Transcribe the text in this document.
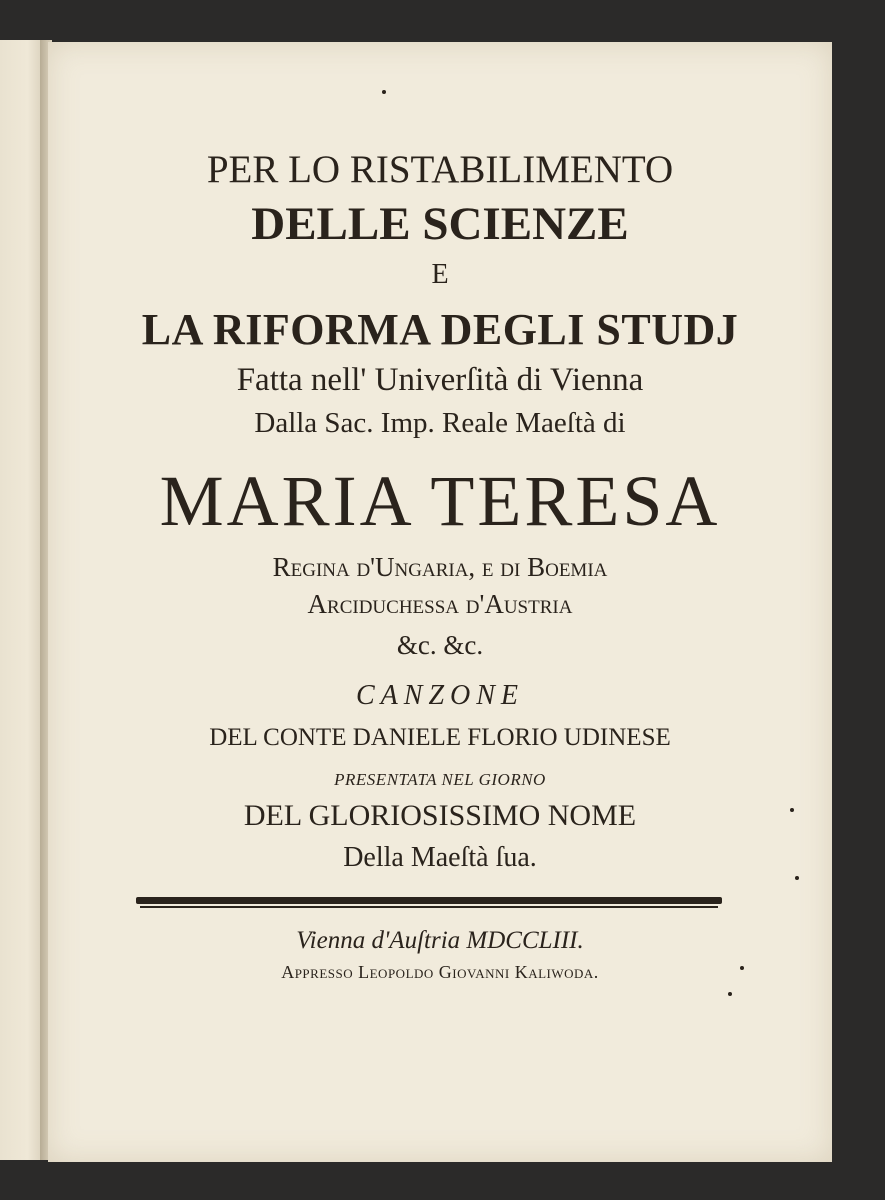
PER LO RISTABILIMENTO
DELLE SCIENZE
E
LA RIFORMA DEGLI STUDJ
Fatta nell' Univerſità di Vienna
Dalla Sac. Imp. Reale Maeſtà di
MARIA TERESA
Regina d'Ungaria, e di Boemia
Arciduchessa d'Austria
&c. &c.
CANZONE
DEL CONTE DANIELE FLORIO UDINESE
PRESENTATA NEL GIORNO
DEL GLORIOSISSIMO NOME
Della Maeſtà ſua.
Vienna d'Auſtria MDCCLIII.
Appreſſo Leopoldo Giovanni Kaliwoda.
